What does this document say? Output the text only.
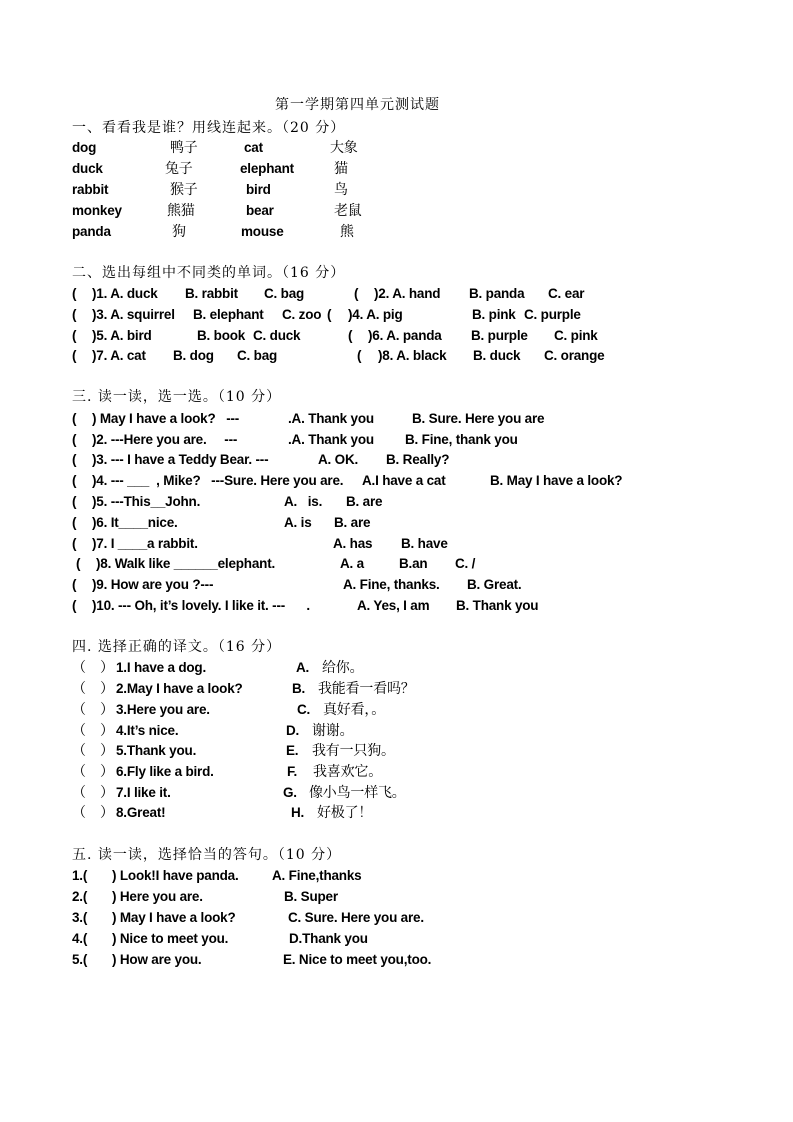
第一学期第四单元测试题
一、看看我是谁？用线连起来。（20 分）
dog	鸭子	cat	大象
duck	兔子	elephant	猫
rabbit	猴子	bird	鸟
monkey	熊猫	bear	老鼠
panda	狗	mouse	熊
二、选出每组中不同类的单词。（16 分）
( )1. A. duck B. rabbit C. bag	( )2. A. hand B. panda C. ear
( )3. A. squirrel B. elephant C. zoo ( )4. A. pig	B. pink C. purple
( )5. A. bird	B. book C. duck	( )6. A. panda B. purple C. pink
( )7. A. cat B. dog C. bag	( )8. A. black B. duck C. orange
三. 读一读，选一选。（10 分）
( ) May I have a look?   ---	.A. Thank you	B. Sure. Here you are
( )2. ---Here you are.     ---	.A. Thank you B. Fine, thank you
( )3. --- I have a Teddy Bear. ---	A. OK. B. Really?
( )4. --- ___  , Mike?   ---Sure. Here you are. A.I have a cat	B. May I have a look?
( )5. ---This__John.	A.   is. B. are
( )6. It____nice.	A. is B. are
( )7. I ____a rabbit.	A. has B. have
( )8. Walk like ______elephant.	A. a	B.an C. /
( )9. How are you ?---	A. Fine, thanks. B. Great.
( )10. --- Oh, it’s lovely. I like it. ---      .	A. Yes, I am B. Thank you
四. 选择正确的译文。（16 分）
（ ） 1.I have a dog.	A. 给你。
（ ） 2.May I have a look?	B. 我能看一看吗？
（ ） 3.Here you are.	C. 真好看，。
（ ） 4.It’s nice.	D. 谢谢。
（ ） 5.Thank you.	E. 我有一只狗。
（ ） 6.Fly like a bird.	F. 我喜欢它。
（ ） 7.I like it.	G. 像小鸟一样飞。
（ ） 8.Great!	H. 好极了！
五. 读一读，选择恰当的答句。（10 分）
1.( ) Look!I have panda. A. Fine,thanks
2.( ) Here you are.	B. Super
3.( ) May I have a look?	C. Sure. Here you are.
4.( ) Nice to meet you.	D.Thank you
5.( ) How are you.	E. Nice to meet you,too.
